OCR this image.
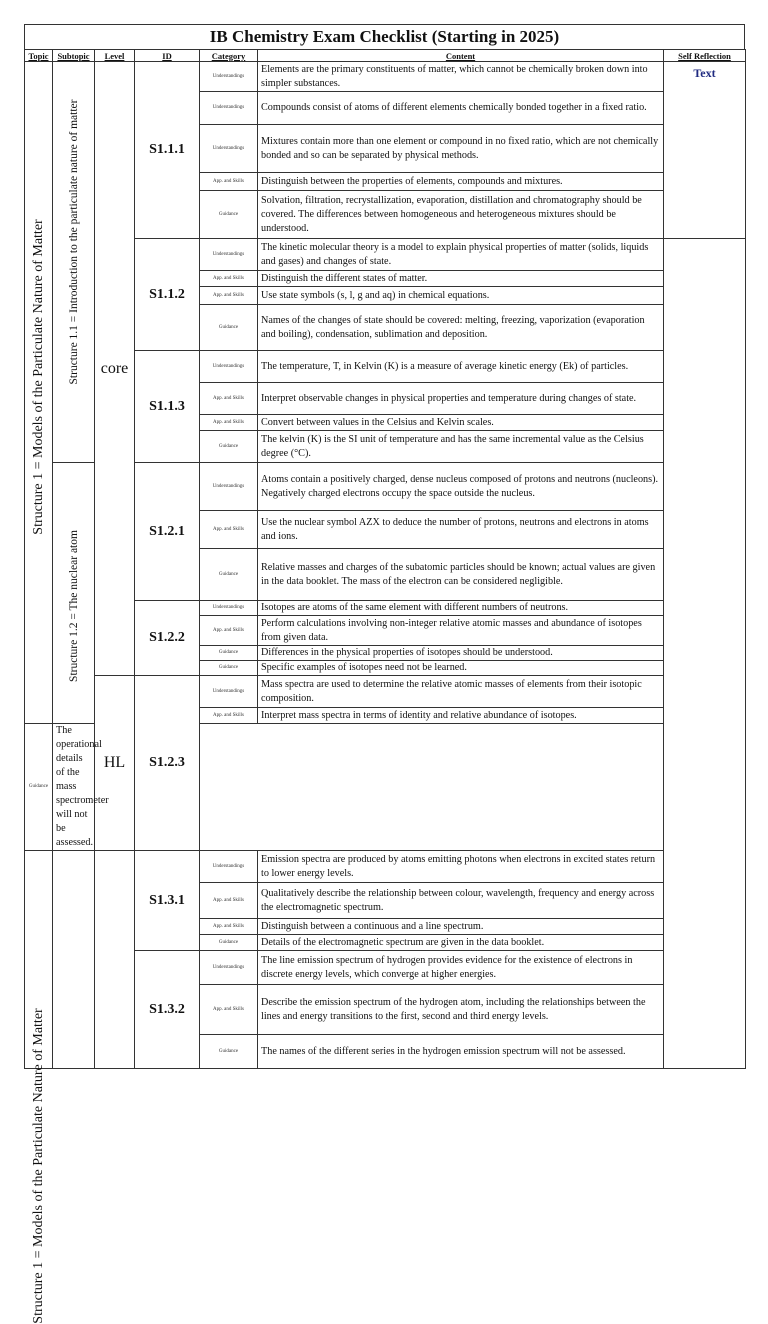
IB Chemistry Exam Checklist (Starting in 2025)
Topic	Subtopic	Level	ID	Category	Content	Self Reflection

Structure 1 = Models of the Particulate Nature of Matter	Structure 1.1 = Introduction to the particulate nature of matter	core	S1.1.1	Understandings	Elements are the primary constituents of matter, which cannot be chemically broken down into simpler substances.	Text
				Understandings	Compounds consist of atoms of different elements chemically bonded together in a fixed ratio.	
				Understandings	Mixtures contain more than one element or compound in no fixed ratio, which are not chemically bonded and so can be separated by physical methods.	
				App. and Skills	Distinguish between the properties of elements, compounds and mixtures.	
				Guidance	Solvation, filtration, recrystallization, evaporation, distillation and chromatography should be covered. The differences between homogeneous and heterogeneous mixtures should be understood.	
			S1.1.2	Understandings	The kinetic molecular theory is a model to explain physical properties of matter (solids, liquids and gases) and changes of state.	
				App. and Skills	Distinguish the different states of matter.	
				App. and Skills	Use state symbols (s, l, g and aq) in chemical equations.	
				Guidance	Names of the changes of state should be covered: melting, freezing, vaporization (evaporation and boiling), condensation, sublimation and deposition.	
			S1.1.3	Understandings	The temperature, T, in Kelvin (K) is a measure of average kinetic energy (Ek) of particles.	
				App. and Skills	Interpret observable changes in physical properties and temperature during changes of state.	
				App. and Skills	Convert between values in the Celsius and Kelvin scales.	
				Guidance	The kelvin (K) is the SI unit of temperature and has the same incremental value as the Celsius degree (°C).	

	Structure 1.2 = The nuclear atom		S1.2.1	Understandings	Atoms contain a positively charged, dense nucleus composed of protons and neutrons (nucleons). Negatively charged electrons occupy the space outside the nucleus.	
				App. and Skills	Use the nuclear symbol AZX to deduce the number of protons, neutrons and electrons in atoms and ions.	
				Guidance	Relative masses and charges of the subatomic particles should be known; actual values are given in the data booklet. The mass of the electron can be considered negligible.	
			S1.2.2	Understandings	Isotopes are atoms of the same element with different numbers of neutrons.	
				App. and Skills	Perform calculations involving non-integer relative atomic masses and abundance of isotopes from given data.	
				Guidance	Differences in the physical properties of isotopes should be understood.	
				Guidance	Specific examples of isotopes need not be learned.	
		HL	S1.2.3	Understandings	Mass spectra are used to determine the relative atomic masses of elements from their isotopic composition.	
				App. and Skills	Interpret mass spectra in terms of identity and relative abundance of isotopes.	
Guidance	The operational details of the mass spectrometer will not be assessed.					

Structure 1 = Models of the Particulate Nature of Matter			S1.3.1	Understandings	Emission spectra are produced by atoms emitting photons when electrons in excited states return to lower energy levels.	
				App. and Skills	Qualitatively describe the relationship between colour, wavelength, frequency and energy across the electromagnetic spectrum.	
				App. and Skills	Distinguish between a continuous and a line spectrum.	
				Guidance	Details of the electromagnetic spectrum are given in the data booklet.	
			S1.3.2	Understandings	The line emission spectrum of hydrogen provides evidence for the existence of electrons in discrete energy levels, which converge at higher energies.	
				App. and Skills	Describe the emission spectrum of the hydrogen atom, including the relationships between the lines and energy transitions to the first, second and third energy levels.	
				Guidance	The names of the different series in the hydrogen emission spectrum will not be assessed.	
